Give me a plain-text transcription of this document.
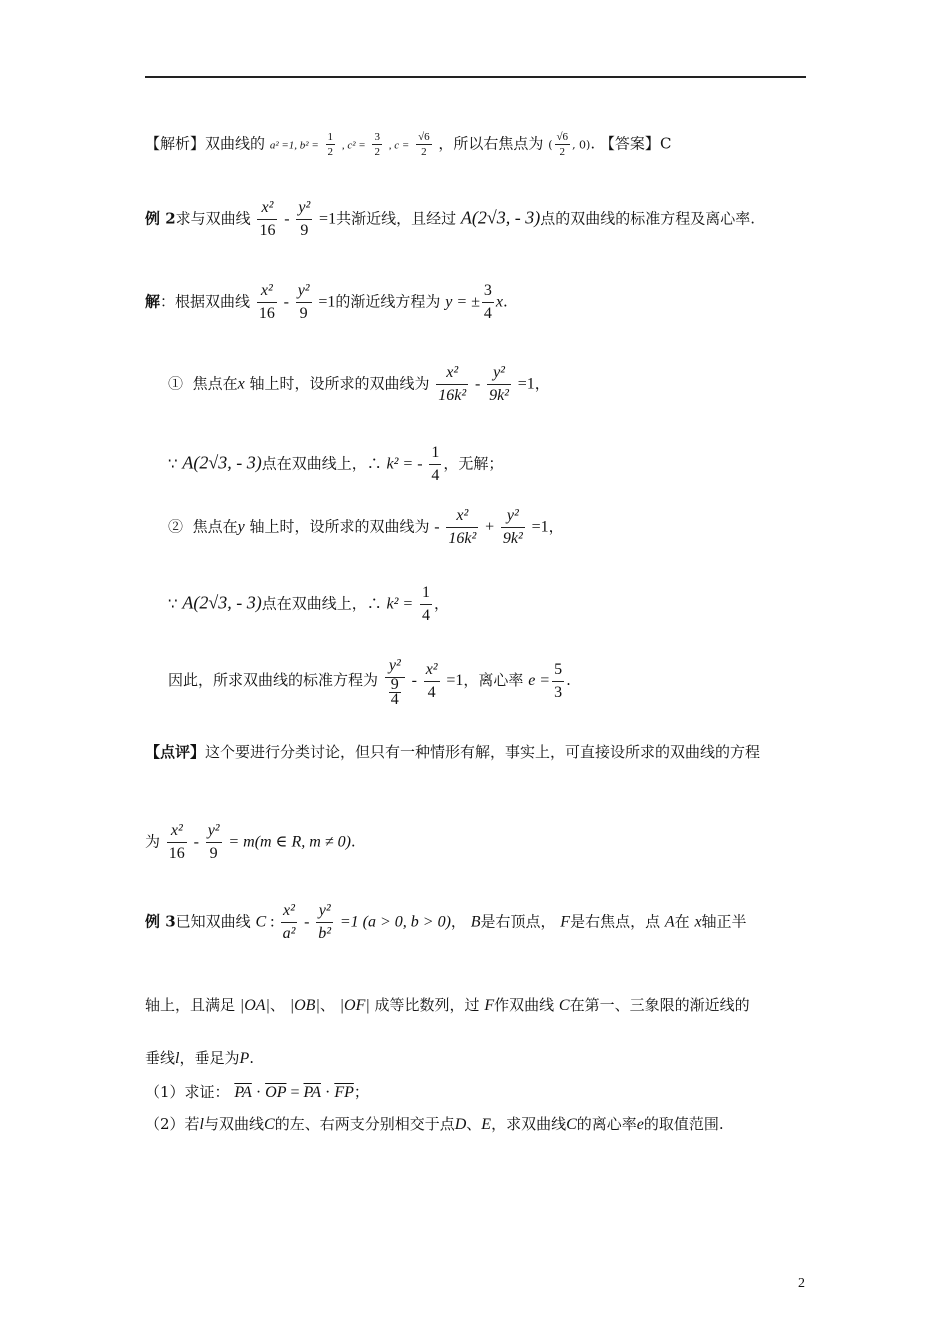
【解析】双曲线的 a² =1, $b^2 = \frac{1}{2}$ , $c^2 = \frac{3}{2}$ , $c = \frac{√6}{2}$ ，所以右焦点为 ( $\frac{√6}{2}$ , 0). 【答案】C
例 2求与双曲线 $\frac{\text{x²}}{16} - \frac{\text{y²}}{9} =1$共渐近线，且经过 A(2√3, - 3)点的双曲线的标准方程及离心率.
解：根据双曲线 $\frac{\text{x²}}{16} - \frac{\text{y²}}{9} =1$的渐近线方程为 y = ± $\frac{3}{4} x$.
① 焦点在x 轴上时，设所求的双曲线为 $\frac{\text{x²}}{\text{16k²}} - \frac{\text{y²}}{\text{9k²}} =1$，
∵ A(2√3, - 3)点在双曲线上，∴ k² = - $\frac{1}{4}$ ，无解；
② 焦点在y 轴上时，设所求的双曲线为 - $\frac{\text{x²}}{\text{16k²}} + \frac{\text{y²}}{\text{9k²}} =1$，
∵ A(2√3, - 3)点在双曲线上，∴ $k^2 = \frac{1}{4}$ ，
因此，所求双曲线的标准方程为 $\frac{\text{y²}}{\frac{9}{4}} - \frac{\text{x²}}{4} =1$，离心率 $e = \frac{5}{3}$ .
【点评】这个要进行分类讨论，但只有一种情形有解，事实上，可直接设所求的双曲线的方程
为 $\frac{\text{x²}}{16} - \frac{\text{y²}}{9} = m(m$ ∈ R, m ≠ 0).
例 3已知双曲线 C : $\frac{\text{x²}}{\text{a²}} - \frac{\text{y²}}{\text{b²}} =1$ (a > 0, b > 0)， B是右顶点， F是右焦点，点 A在 x轴正半
轴上，且满足 |OA|、 |OB|、 |OF| 成等比数列，过 F作双曲线 C在第一、三象限的渐近线的
垂线l，垂足为P.
（1）求证： $\overline{PA} \cdot \overline{OP} = \overline{PA} \cdot \overline{FP}$；
（2）若l与双曲线C的左、右两支分别相交于点D、E，求双曲线C的离心率e的取值范围.
2
